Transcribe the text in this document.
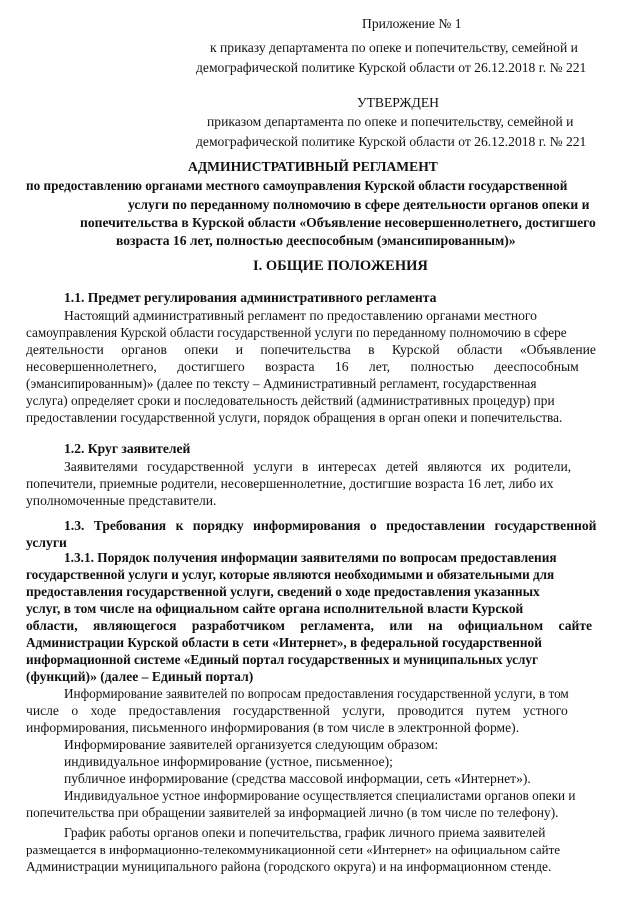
Приложение № 1
к приказу департамента по опеке и попечительству, семейной и
демографической политике Курской области от 26.12.2018 г. № 221
УТВЕРЖДЕН
приказом департамента по опеке и попечительству, семейной и
демографической политике Курской области от 26.12.2018 г. № 221
АДМИНИСТРАТИВНЫЙ РЕГЛАМЕНТ
по предоставлению органами местного самоуправления Курской области государственной
услуги по переданному полномочию в сфере деятельности органов опеки и
попечительства в Курской области «Объявление несовершеннолетнего, достигшего
возраста 16 лет, полностью дееспособным (эмансипированным)»
I. ОБЩИЕ ПОЛОЖЕНИЯ
1.1. Предмет регулирования административного регламента
Настоящий административный регламент по предоставлению органами местного
самоуправления Курской области государственной услуги по переданному полномочию в сфере
деятельности органов опеки и попечительства в Курской области «Объявление
несовершеннолетнего, достигшего возраста 16 лет, полностью дееспособным
(эмансипированным)» (далее по тексту – Административный регламент, государственная
услуга) определяет сроки и последовательность действий (административных процедур) при
предоставлении государственной услуги, порядок обращения в орган опеки и попечительства.
1.2. Круг заявителей
Заявителями государственной услуги в интересах детей являются их родители,
попечители, приемные родители, несовершеннолетние, достигшие возраста 16 лет, либо их
уполномоченные представители.
1.3. Требования к порядку информирования о предоставлении государственной
услуги
1.3.1. Порядок получения информации заявителями по вопросам предоставления
государственной услуги и услуг, которые являются необходимыми и обязательными для
предоставления государственной услуги, сведений о ходе предоставления указанных
услуг, в том числе на официальном сайте органа исполнительной власти Курской
области, являющегося разработчиком регламента, или на официальном сайте
Администрации Курской области в сети «Интернет», в федеральной государственной
информационной системе «Единый портал государственных и муниципальных услуг
(функций)» (далее – Единый портал)
Информирование заявителей по вопросам предоставления государственной услуги, в том
числе о ходе предоставления государственной услуги, проводится путем устного
информирования, письменного информирования (в том числе в электронной форме).
Информирование заявителей организуется следующим образом:
индивидуальное информирование (устное, письменное);
публичное информирование (средства массовой информации, сеть «Интернет»).
Индивидуальное устное информирование осуществляется специалистами органов опеки и
попечительства при обращении заявителей за информацией лично (в том числе по телефону).
График работы органов опеки и попечительства, график личного приема заявителей
размещается в информационно-телекоммуникационной сети «Интернет» на официальном сайте
Администрации муниципального района (городского округа) и на информационном стенде.
